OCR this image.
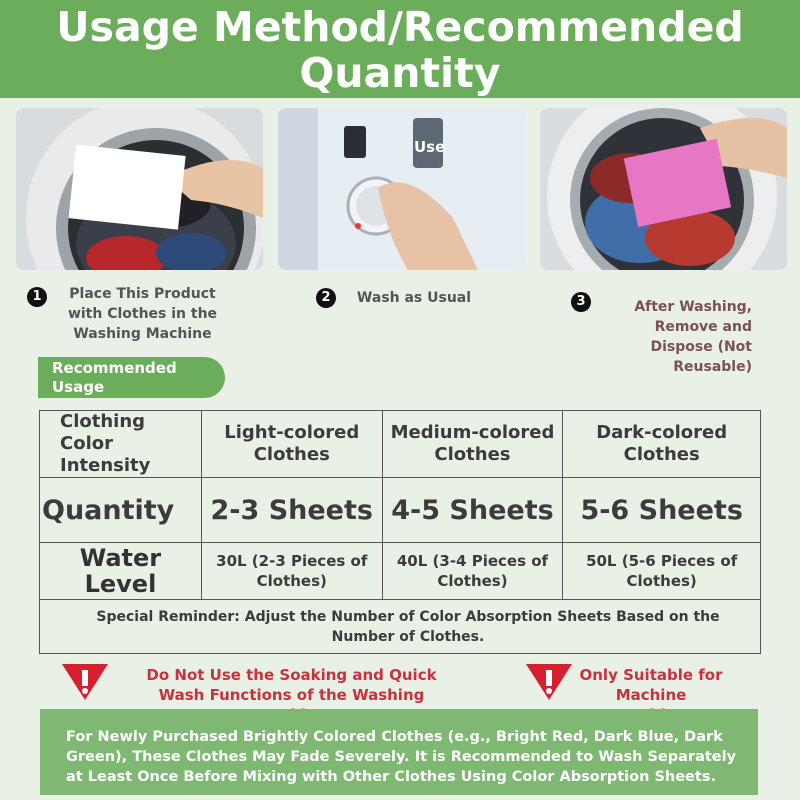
Usage Method/Recommended Quantity
Use
1	Place This Product with Clothes in the Washing Machine
2	Wash as Usual	3	After Washing, Remove and Dispose (Not Reusable)
Recommended Usage
Clothing Color Intensity	Light-colored Clothes	Medium-colored Clothes	Dark-colored Clothes
Quantity	2-3 Sheets	4-5 Sheets	5-6 Sheets
Water Level	30L (2-3 Pieces of Clothes)	40L (3-4 Pieces of Clothes)	50L (5-6 Pieces of Clothes)
Special Reminder: Adjust the Number of Color Absorption Sheets Based on the Number of Clothes.			
Do Not Use the Soaking and Quick Wash Functions of the Washing
Only Suitable for Machine
For Newly Purchased Brightly Colored Clothes (e.g., Bright Red, Dark Blue, Dark Green), These Clothes May Fade Severely. It is Recommended to Wash Separately at Least Once Before Mixing with Other Clothes Using Color Absorption Sheets.
